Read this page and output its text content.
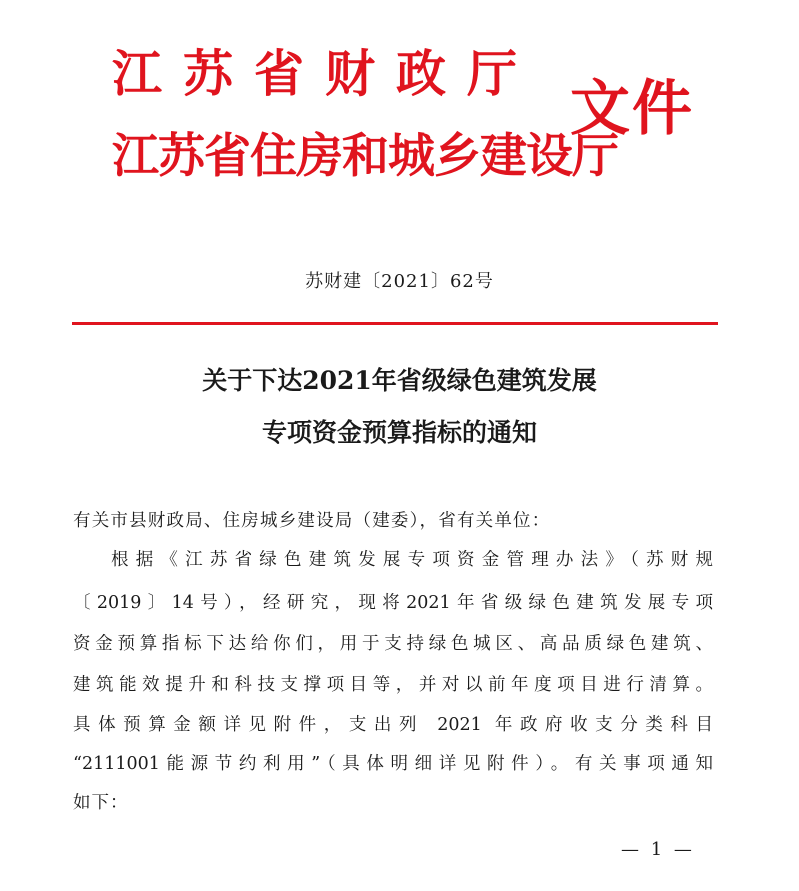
江苏省财政厅
江苏省住房和城乡建设厅
文件
苏财建〔2021〕62号
关于下达2021年省级绿色建筑发展
专项资金预算指标的通知
有关市县财政局、住房城乡建设局（建委），省有关单位：
根据《江苏省绿色建筑发展专项资金管理办法》（苏财规
〔2019〕14号），经研究，现将2021年省级绿色建筑发展专项
资金预算指标下达给你们，用于支持绿色城区、高品质绿色建筑、
建筑能效提升和科技支撑项目等，并对以前年度项目进行清算。
具体预算金额详见附件，支出列 2021 年政府收支分类科目
“2111001能源节约利用”（具体明细详见附件）。有关事项通知
如下：
— 1 —
